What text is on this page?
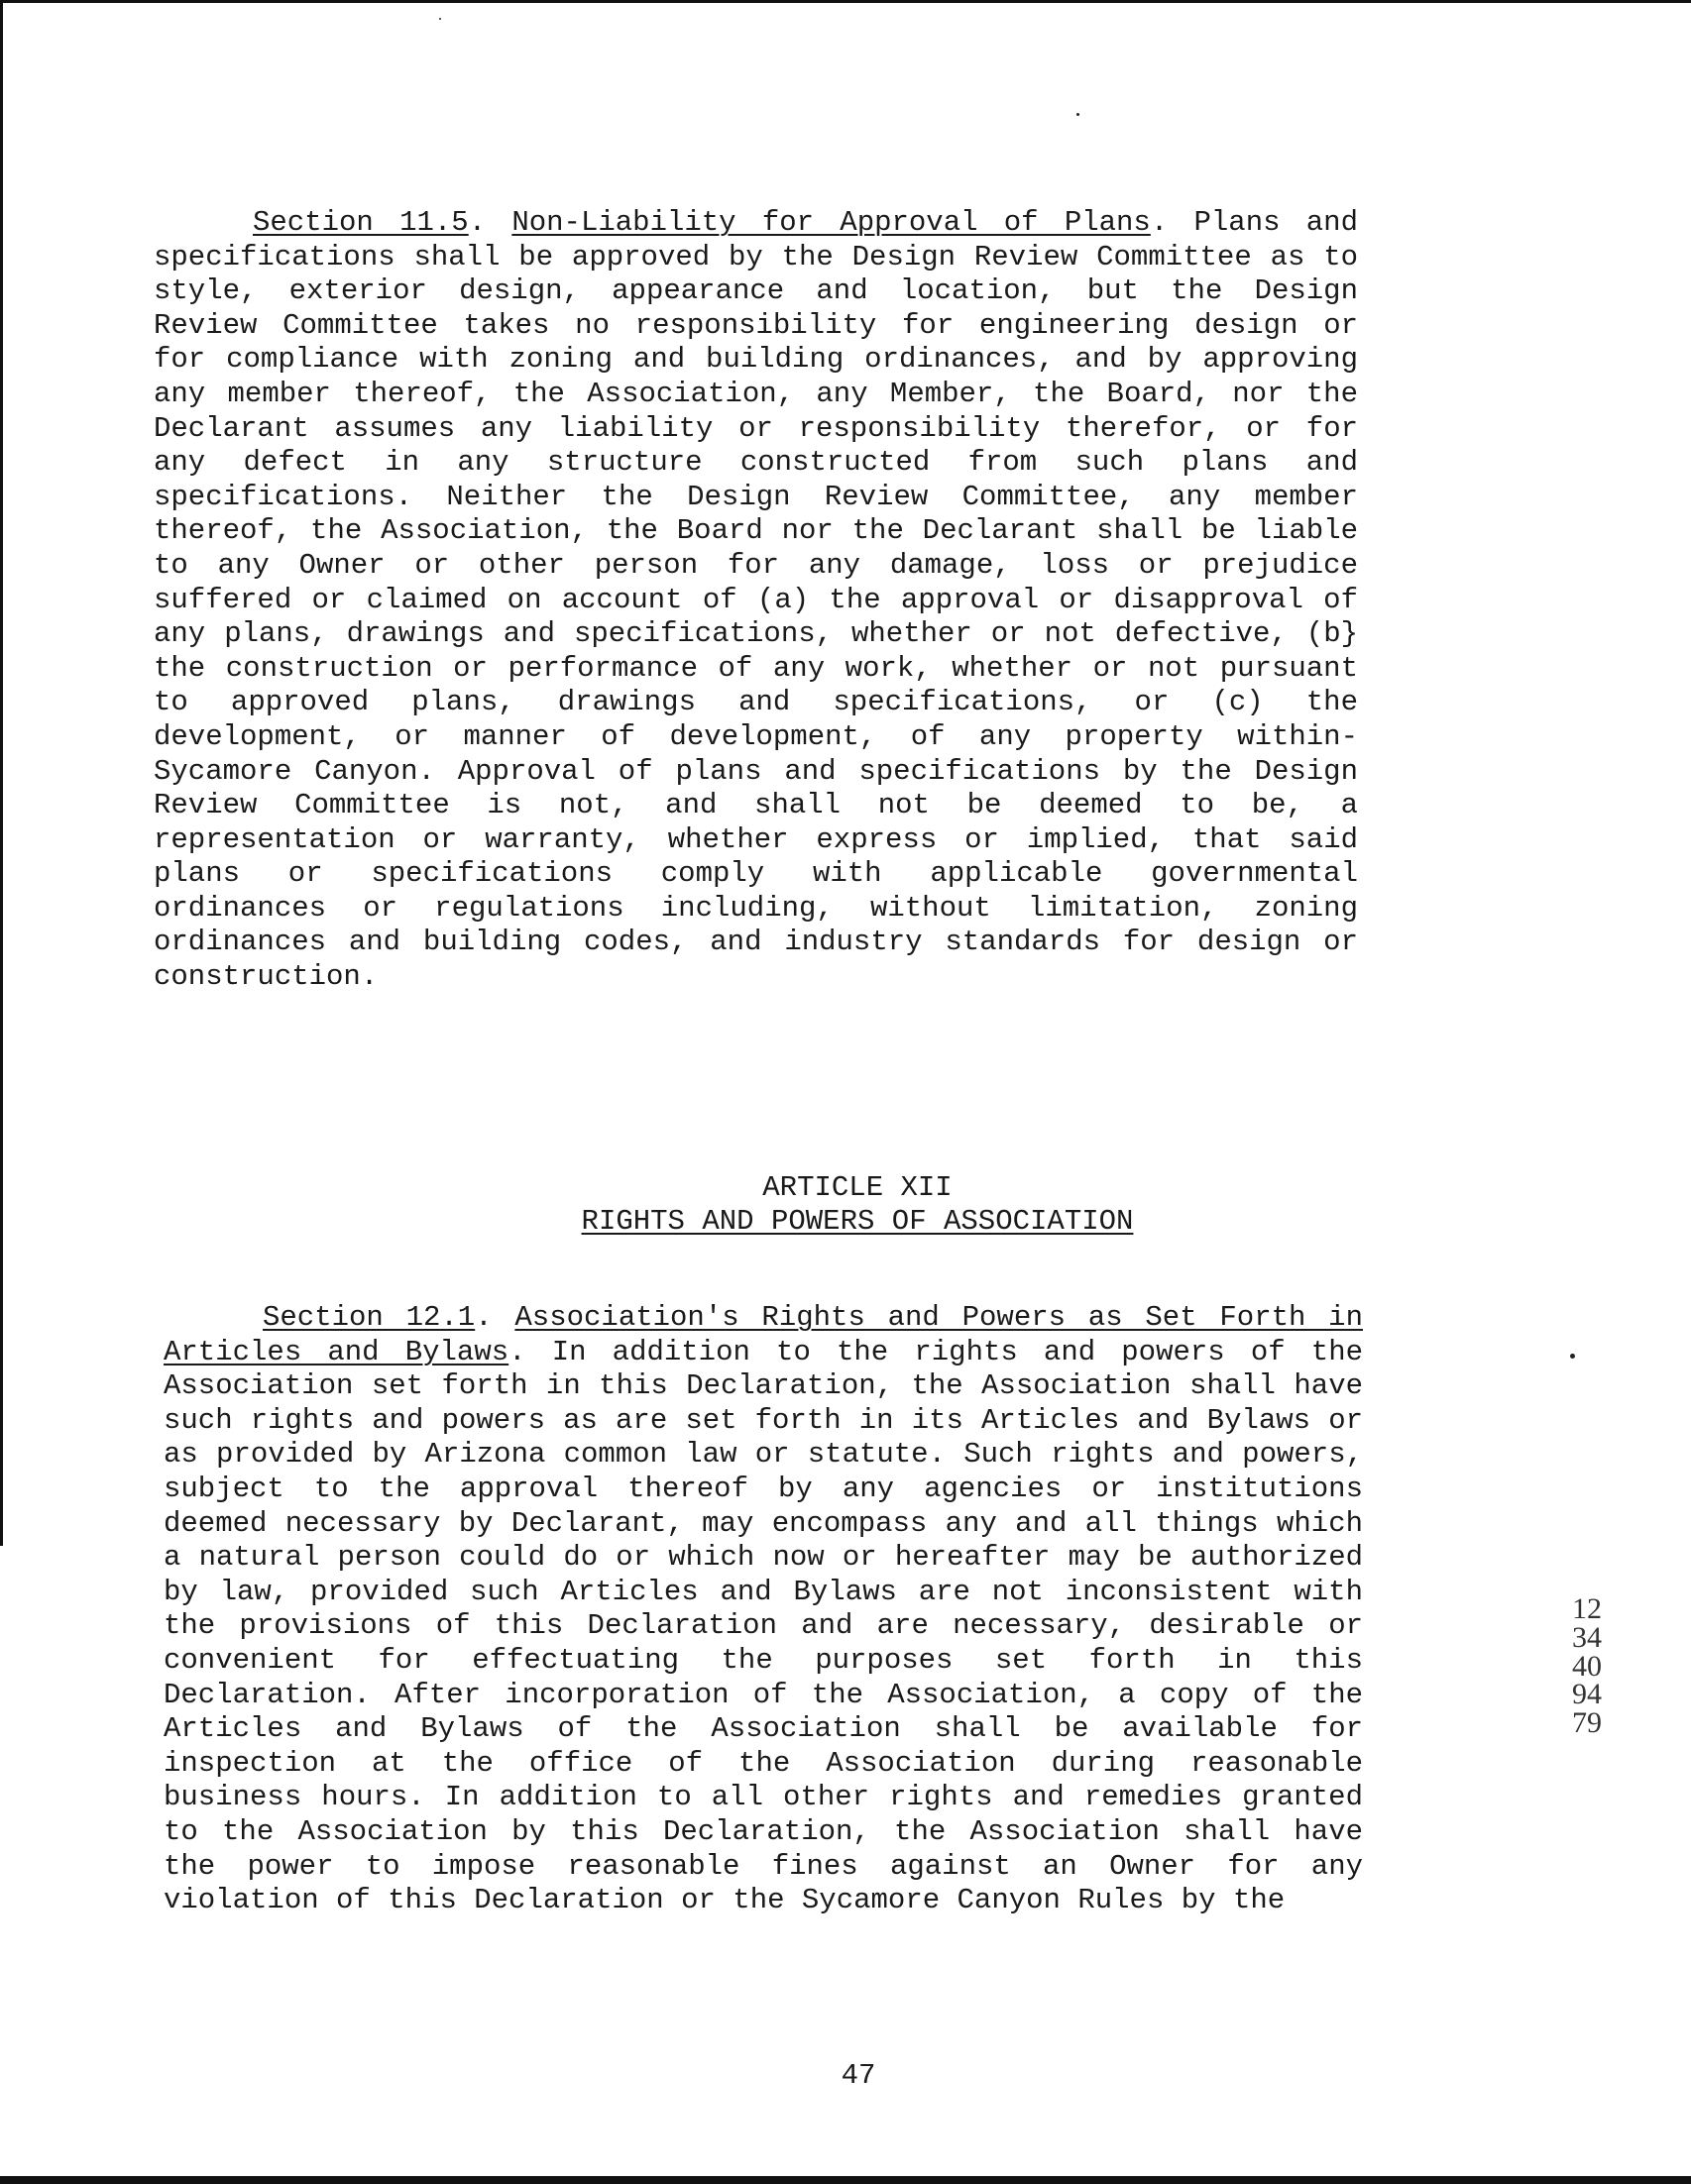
Section 11.5. Non-Liability for Approval of Plans. Plans and specifications shall be approved by the Design Review Committee as to style, exterior design, appearance and location, but the Design Review Committee takes no responsibility for engineering design or for compliance with zoning and building ordinances, and by approving any member thereof, the Association, any Member, the Board, nor the Declarant assumes any liability or responsibility therefor, or for any defect in any structure constructed from such plans and specifications. Neither the Design Review Committee, any member thereof, the Association, the Board nor the Declarant shall be liable to any Owner or other person for any damage, loss or prejudice suffered or claimed on account of (a) the approval or disapproval of any plans, drawings and specifications, whether or not defective, (b} the construction or performance of any work, whether or not pursuant to approved plans, drawings and specifications, or (c) the development, or manner of development, of any property within-Sycamore Canyon. Approval of plans and specifications by the Design Review Committee is not, and shall not be deemed to be, a representation or warranty, whether express or implied, that said plans or specifications comply with applicable governmental ordinances or regulations including, without limitation, zoning ordinances and building codes, and industry standards for design or construction.

ARTICLE XII

RIGHTS AND POWERS OF ASSOCIATION

Section 12.1. Association's Rights and Powers as Set Forth in Articles and Bylaws. In addition to the rights and powers of the Association set forth in this Declaration, the Association shall have such rights and powers as are set forth in its Articles and Bylaws or as provided by Arizona common law or statute. Such rights and powers, subject to the approval thereof by any agencies or institutions deemed necessary by Declarant, may encompass any and all things which a natural person could do or which now or hereafter may be authorized by law, provided such Articles and Bylaws are not inconsistent with the provisions of this Declaration and are necessary, desirable or convenient for effectuating the purposes set forth in this Declaration. After incorporation of the Association, a copy of the Articles and Bylaws of the Association shall be available for inspection at the office of the Association during reasonable business hours. In addition to all other rights and remedies granted to the Association by this Declaration, the Association shall have the power to impose reasonable fines against an Owner for any violation of this Declaration or the Sycamore Canyon Rules by the

1234409479

47
